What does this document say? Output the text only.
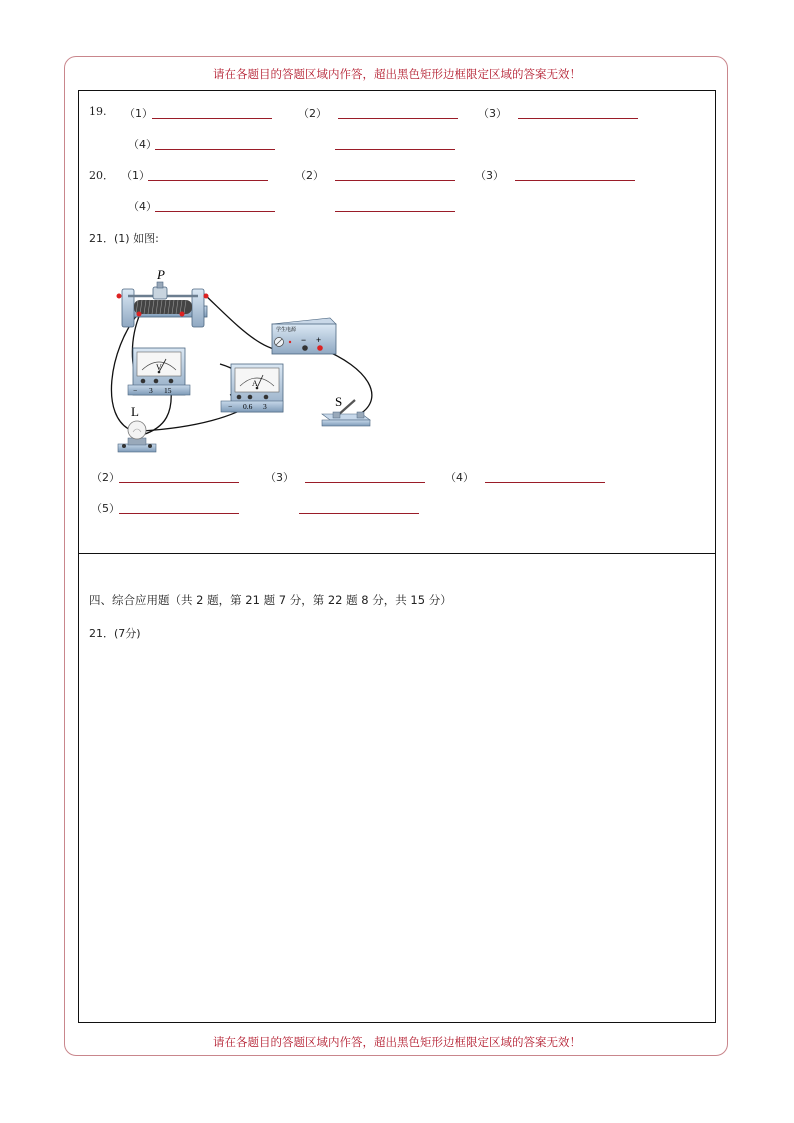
请在各题目的答题区域内作答，超出黑色矩形边框限定区域的答案无效！
请在各题目的答题区域内作答，超出黑色矩形边框限定区域的答案无效！
19. （1）	（2）	（3）
（4）
20． （1）	（2）	（3）
（4）
21．(1) 如图:
P
V
− 3 15
A
− 0.6 3
学生电源
− +
S
L
（2）	（3）	（4）
（5）
四、综合应用题（共 2 题，第 21 题 7 分，第 22 题 8 分，共 15 分）
21．(7分)
